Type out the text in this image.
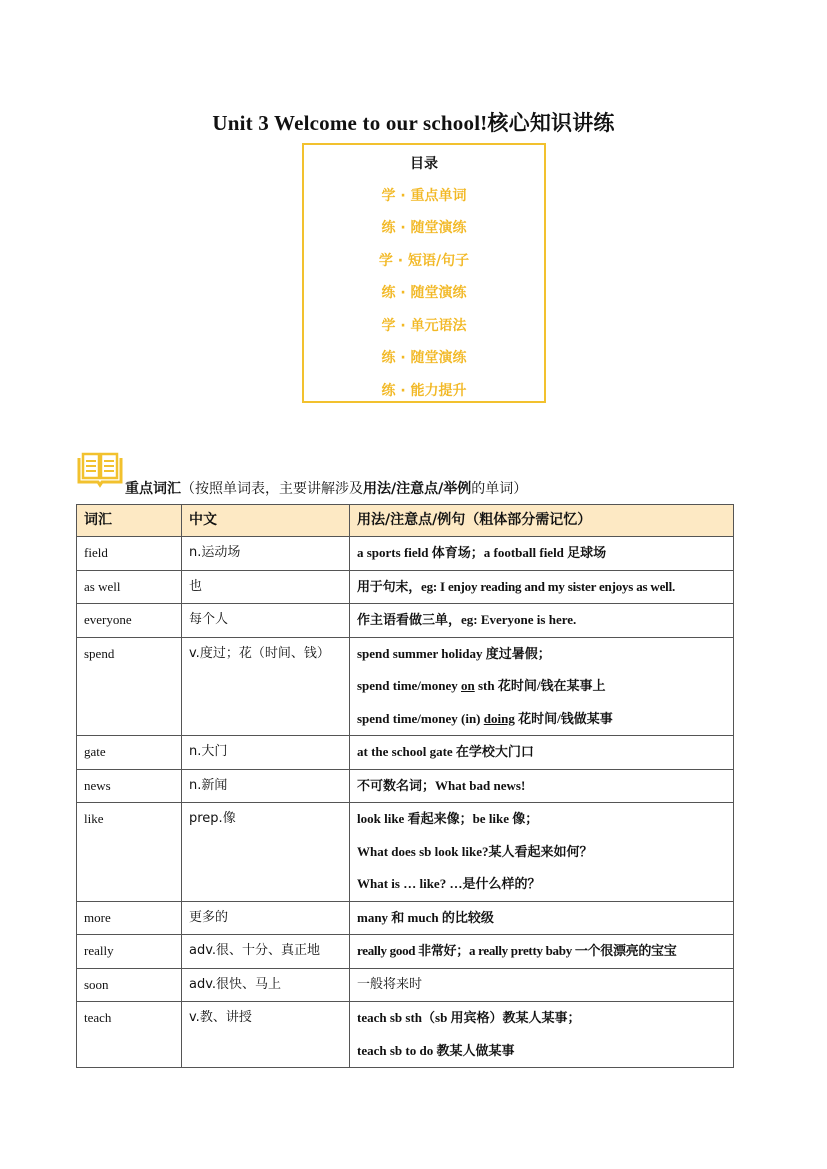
Unit 3 Welcome to our school!核心知识讲练
目录
学 · 重点单词
练 · 随堂演练
学 · 短语/句子
练 · 随堂演练
学 · 单元语法
练 · 随堂演练
练 · 能力提升
重点词汇（按照单词表，主要讲解涉及用法/注意点/举例的单词）
词汇	中文	用法/注意点/例句（粗体部分需记忆）
field	n.运动场	a sports field 体育场；a football field 足球场

as well	也	用于句末，eg: I enjoy reading and my sister enjoys as well.

everyone	每个人	作主语看做三单，eg: Everyone is here.

spend	v.度过；花（时间、钱）	spend summer holiday 度过暑假；
spend time/money on sth 花时间/钱在某事上
spend time/money (in) doing 花时间/钱做某事

gate	n.大门	at the school gate 在学校大门口

news	n.新闻	不可数名词；What bad news!

like	prep.像	look like 看起来像；be like 像；
What does sb look like?某人看起来如何？
What is … like? …是什么样的？

more	更多的	many 和 much 的比较级

really	adv.很、十分、真正地	really good 非常好；a really pretty baby 一个很漂亮的宝宝

soon	adv.很快、马上	一般将来时

teach	v.教、讲授	teach sb sth（sb 用宾格）教某人某事；
teach sb to do 教某人做某事
